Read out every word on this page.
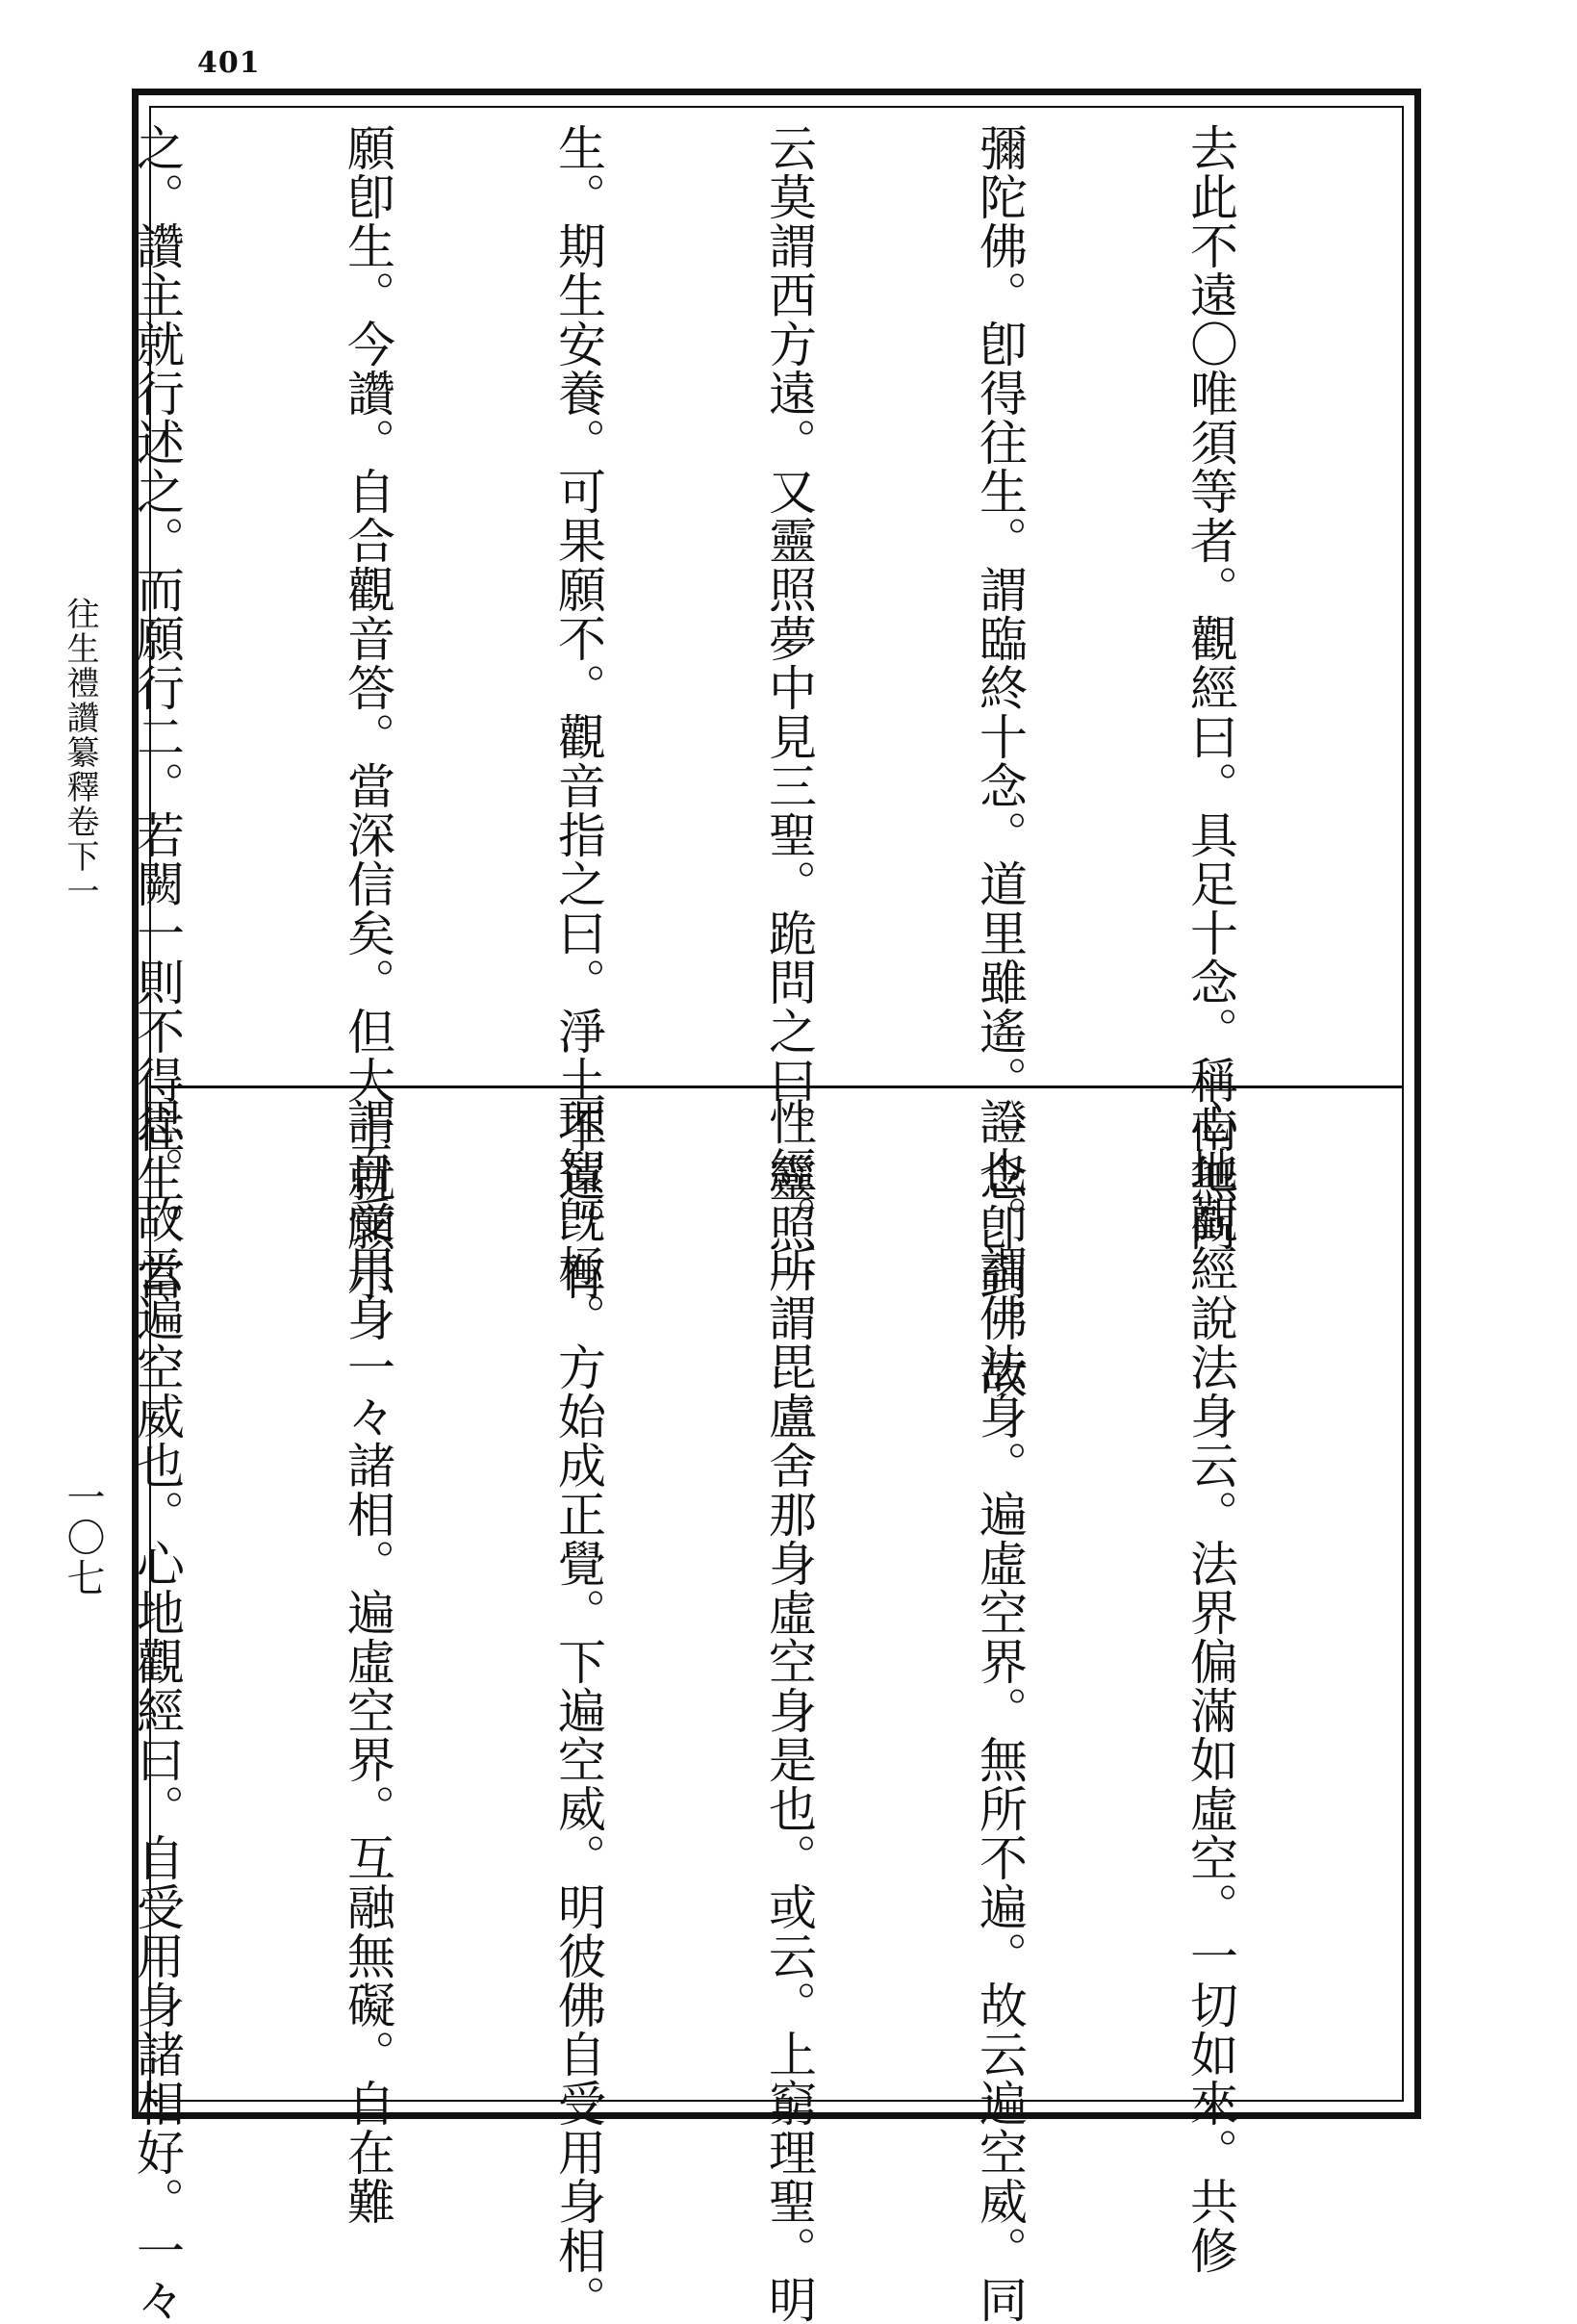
401
往生禮讚纂釋卷下一
一〇七

去此不遠〇唯須等者。觀經曰。具足十念。稱南無阿

彌陀佛。卽得往生。謂臨終十念。道里雖遙。一念卽到。故

云莫謂西方遠。又靈照夢中見三聖。跪問之曰。靈照一

生。期生安養。可果願不。觀音指之曰。淨土不遠。有

願卽生。今讚。自合觀音答。當深信矣。但大士就願示

之。讚主就行述之。而願行二。若闕一則不得往生。當

心地觀經說法身云。法界偏滿如虛空。一切如來。共修

證也。謂佛法身。遍虛空界。無所不遍。故云遍空威。同

性經。所謂毘盧舍那身虛空身是也。或云。上窮理聖。明

理智旣極。方始成正覺。下遍空威。明彼佛自受用身相。

謂自受用身一々諸相。遍虛空界。互融無礙。自在難

思。故云遍空威也。心地觀經曰。自受用身諸相好。一々
